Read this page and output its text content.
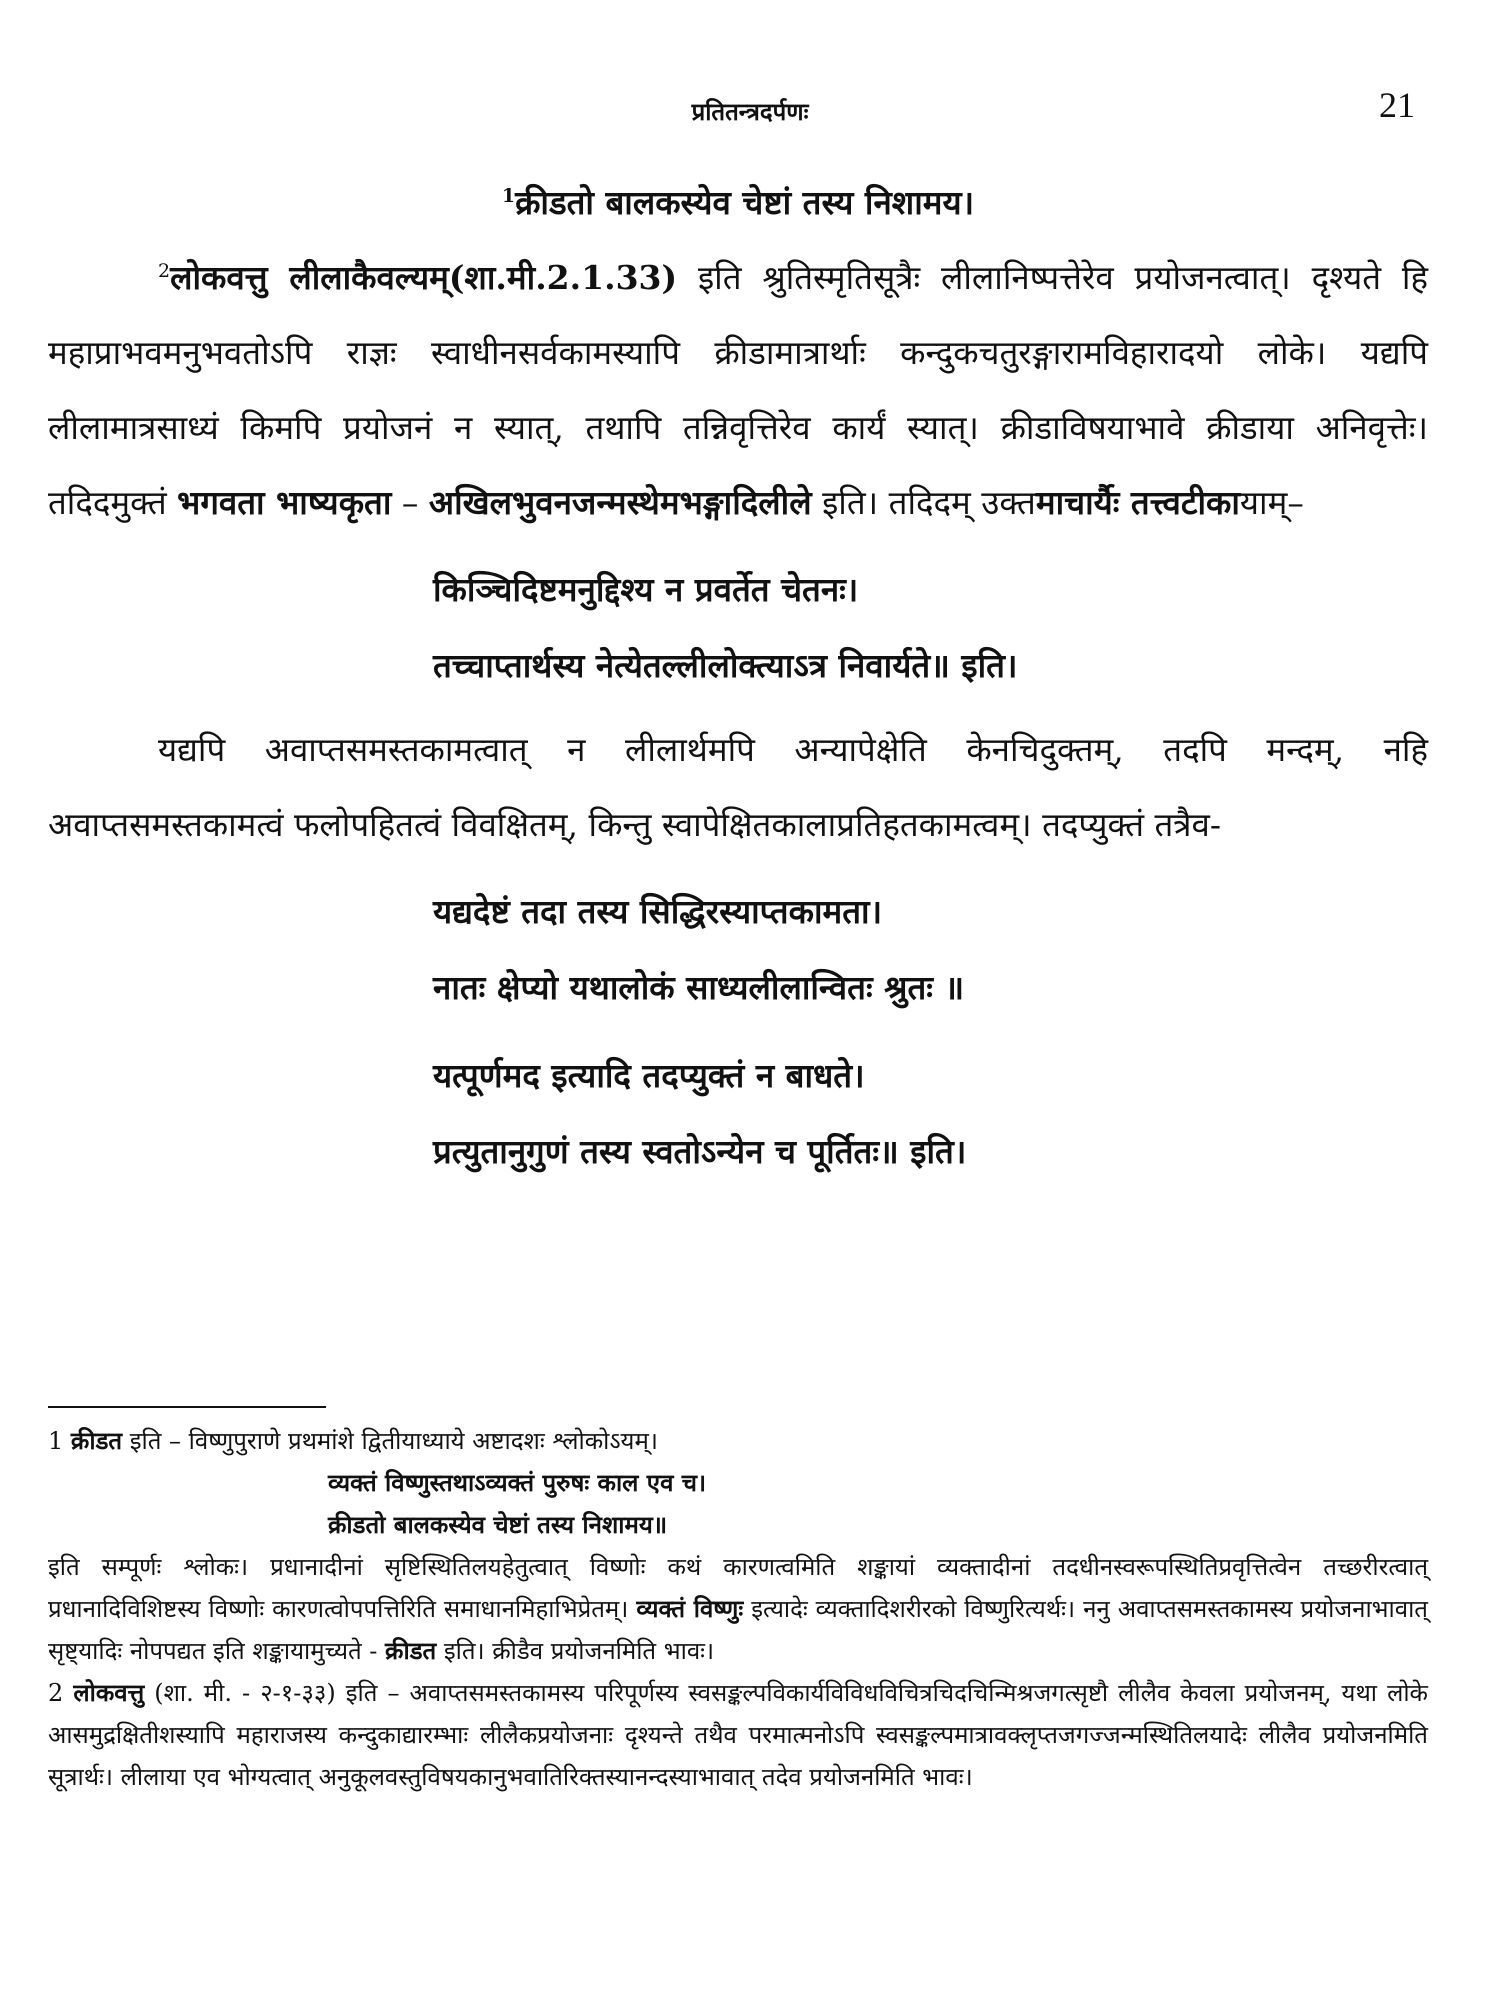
प्रतितन्त्रदर्पणः	21

$^1$क्रीडतो बालकस्येव चेष्टां तस्य निशामय।

$^2$लोकवत्तु लीलाकैवल्यम्(शा.मी.2.1.33) इति श्रुतिस्मृतिसूत्रैः लीलानिष्पत्तेरेव प्रयोजनत्वात्। दृश्यते हि महाप्राभवमनुभवतोऽपि राज्ञः स्वाधीनसर्वकामस्यापि क्रीडामात्रार्थाः कन्दुकचतुरङ्गारामविहारादयो लोके। यद्यपि लीलामात्रसाध्यं किमपि प्रयोजनं न स्यात्, तथापि तन्निवृत्तिरेव कार्यं स्यात्। क्रीडाविषयाभावे क्रीडाया अनिवृत्तेः। तदिदमुक्तं भगवता भाष्यकृता – अखिलभुवनजन्मस्थेमभङ्गादिलीले इति। तदिदम् उक्तमाचार्यैः तत्त्वटीकायाम्–

किञ्चिदिष्टमनुद्दिश्य न प्रवर्तेत चेतनः।

तच्चाप्तार्थस्य नेत्येतल्लीलोक्त्याऽत्र निवार्यते॥ इति।

यद्यपि अवाप्तसमस्तकामत्वात् न लीलार्थमपि अन्यापेक्षेति केनचिदुक्तम्, तदपि मन्दम्, नहि अवाप्तसमस्तकामत्वं फलोपहितत्वं विवक्षितम्, किन्तु स्वापेक्षितकालाप्रतिहतकामत्वम्। तदप्युक्तं तत्रैव-

यद्यदेष्टं तदा तस्य सिद्धिरस्याप्तकामता।

नातः क्षेप्यो यथालोकं साध्यलीलान्वितः श्रुतः ॥

यत्पूर्णमद इत्यादि तदप्युक्तं न बाधते।

प्रत्युतानुगुणं तस्य स्वतोऽन्येन च पूर्तितः॥ इति।

1 क्रीडत इति – विष्णुपुराणे प्रथमांशे द्वितीयाध्याये अष्टादशः श्लोकोऽयम्।

व्यक्तं विष्णुस्तथाऽव्यक्तं पुरुषः काल एव च।

क्रीडतो बालकस्येव चेष्टां तस्य निशामय॥

इति सम्पूर्णः श्लोकः। प्रधानादीनां सृष्टिस्थितिलयहेतुत्वात् विष्णोः कथं कारणत्वमिति शङ्कायां व्यक्तादीनां तदधीनस्वरूपस्थितिप्रवृत्तित्वेन तच्छरीरत्वात् प्रधानादिविशिष्टस्य विष्णोः कारणत्वोपपत्तिरिति समाधानमिहाभिप्रेतम्। व्यक्तं विष्णुः इत्यादेः व्यक्तादिशरीरको विष्णुरित्यर्थः। ननु अवाप्तसमस्तकामस्य प्रयोजनाभावात् सृष्ट्यादिः नोपपद्यत इति शङ्कायामुच्यते - क्रीडत इति। क्रीडैव प्रयोजनमिति भावः।

2 लोकवत्तु (शा. मी. - २-१-३३) इति – अवाप्तसमस्तकामस्य परिपूर्णस्य स्वसङ्कल्पविकार्यविविधविचित्रचिदचिन्मिश्रजगत्सृष्टौ लीलैव केवला प्रयोजनम्, यथा लोके आसमुद्रक्षितीशस्यापि महाराजस्य कन्दुकाद्यारम्भाः लीलैकप्रयोजनाः दृश्यन्ते तथैव परमात्मनोऽपि स्वसङ्कल्पमात्रावक्लृप्तजगज्जन्मस्थितिलयादेः लीलैव प्रयोजनमिति सूत्रार्थः। लीलाया एव भोग्यत्वात् अनुकूलवस्तुविषयकानुभवातिरिक्तस्यानन्दस्याभावात् तदेव प्रयोजनमिति भावः।
